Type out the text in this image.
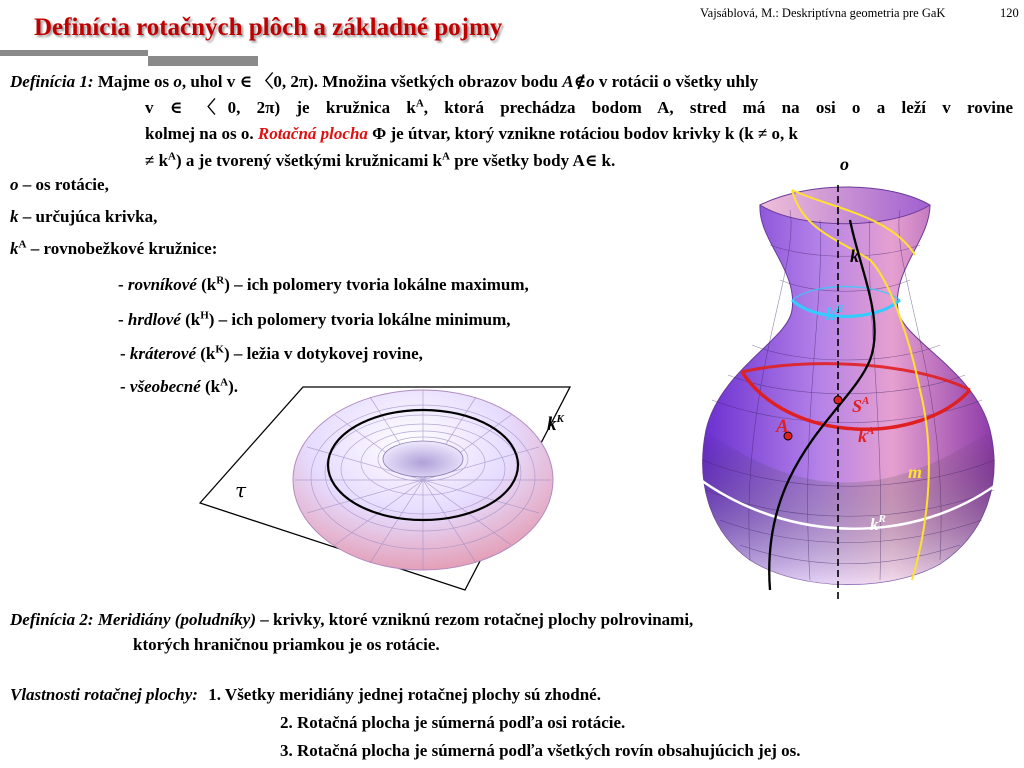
Vajsáblová, M.: Deskriptívna geometria pre GaK	120
Definícia rotačných plôch a základné pojmy
Definícia 1: Majme os o, uhol v ∈ 〈0, 2π). Množina všetkých obrazov bodu A∉o v rotácii o všetky uhly
v ∈ 〈0, 2π) je kružnica $k^A$, ktorá prechádza bodom A, stred má na osi o a leží v rovine
kolmej na os o. Rotačná plocha Φ je útvar, ktorý vznikne rotáciou bodov krivky k (k ≠ o, k
≠ $k^A$) a je tvorený všetkými kružnicami $k^A$ pre všetky body A∈ k.
o – os rotácie,
k – určujúca krivka,
$k^A$ – rovnobežkové kružnice:
- rovníkové $(k^R)$ – ich polomery tvoria lokálne maximum,
- hrdlové $(k^H)$ – ich polomery tvoria lokálne minimum,
- kráterové $(k^K)$ – ležia v dotykovej rovine,
- všeobecné $(k^A)$.
τ
$k^K$
o
k
$k^H$
$S^A$
A	$k^A$
m
$k^R$
Definícia 2: Meridiány (poludníky) – krivky, ktoré vzniknú rezom rotačnej plochy polrovinami,
ktorých hraničnou priamkou je os rotácie.
Vlastnosti rotačnej plochy: 1. Všetky meridiány jednej rotačnej plochy sú zhodné.
2. Rotačná plocha je súmerná podľa osi rotácie.
3. Rotačná plocha je súmerná podľa všetkých rovín obsahujúcich jej os.
